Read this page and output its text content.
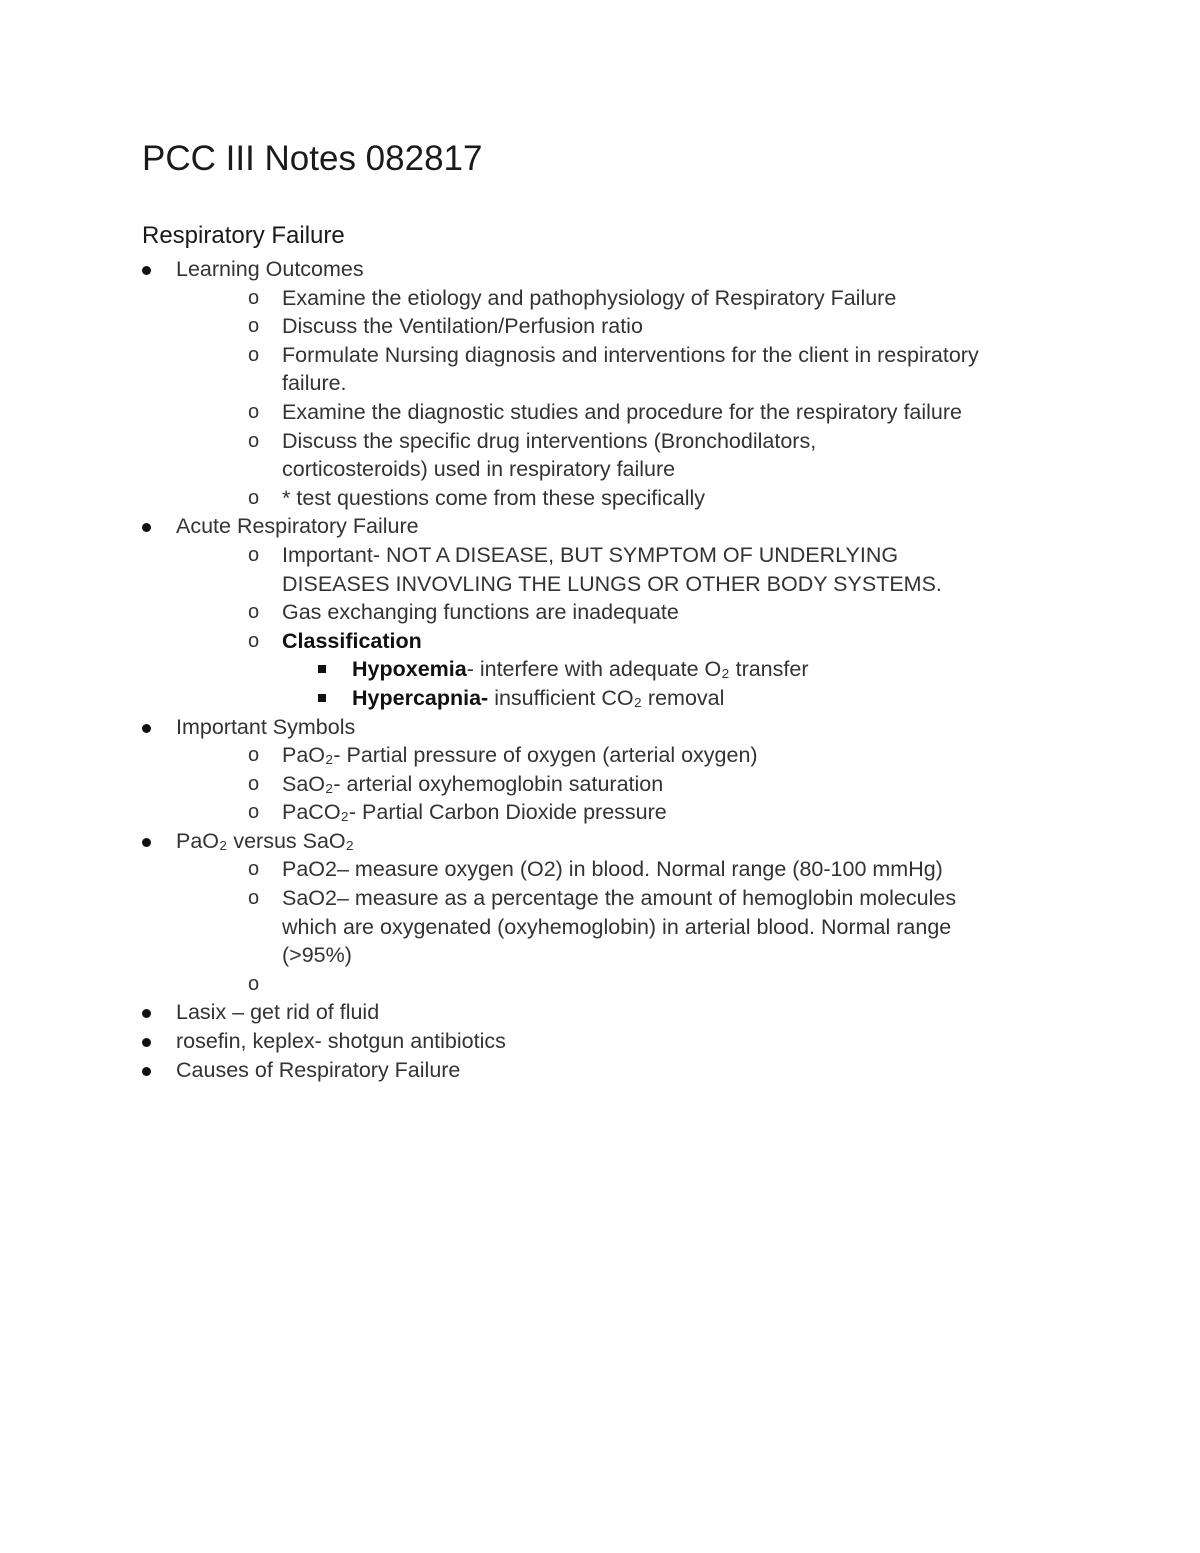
PCC III Notes 082817
Respiratory Failure
Learning Outcomes
o Examine the etiology and pathophysiology of Respiratory Failure
o Discuss the Ventilation/Perfusion ratio
o Formulate Nursing diagnosis and interventions for the client in respiratory
failure.
o Examine the diagnostic studies and procedure for the respiratory failure
o Discuss the specific drug interventions (Bronchodilators,
corticosteroids) used in respiratory failure
o * test questions come from these specifically
Acute Respiratory Failure
o Important- NOT A DISEASE, BUT SYMPTOM OF UNDERLYING
DISEASES INVOVLING THE LUNGS OR OTHER BODY SYSTEMS.
o Gas exchanging functions are inadequate
o Classification
Hypoxemia- interfere with adequate O₂ transfer
Hypercapnia- insufficient CO₂ removal
Important Symbols
o PaO₂- Partial pressure of oxygen (arterial oxygen)
o SaO₂- arterial oxyhemoglobin saturation
o PaCO₂- Partial Carbon Dioxide pressure
PaO₂ versus SaO₂
o PaO2– measure oxygen (O2) in blood. Normal range (80-100 mmHg)
o SaO2– measure as a percentage the amount of hemoglobin molecules
which are oxygenated (oxyhemoglobin) in arterial blood. Normal range
(>95%)
o

Lasix – get rid of fluid
rosefin, keplex- shotgun antibiotics
Causes of Respiratory Failure
